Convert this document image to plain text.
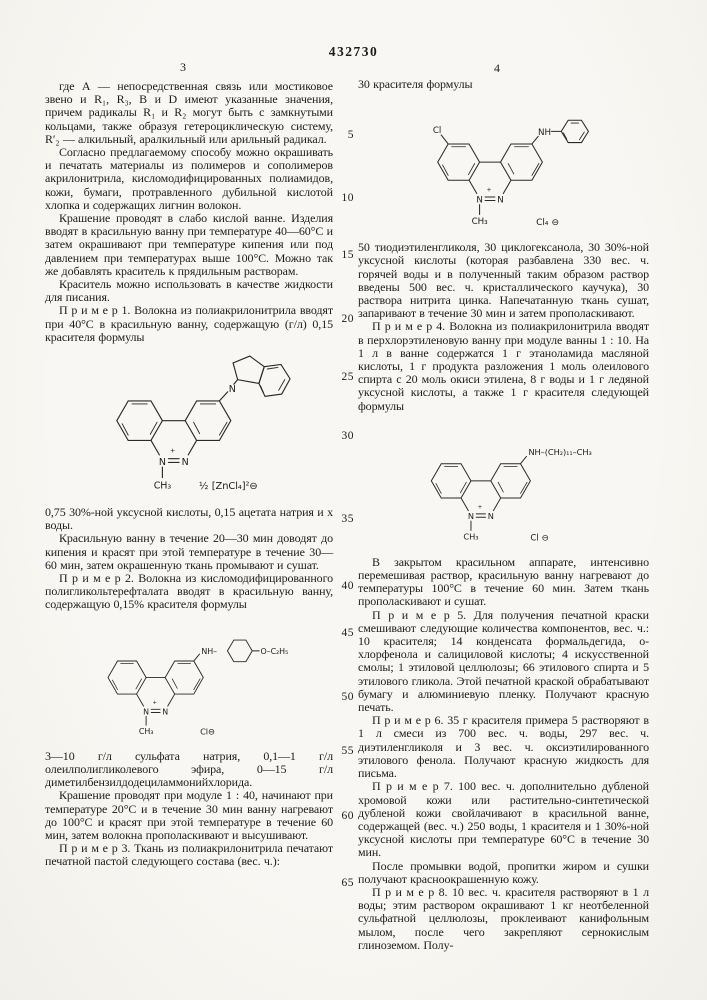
432730
3	4
5
10
15
20
25
30
35
40
45
50
55
60
65

где А — непосредственная связь или мостиковое звено и R₁, R₃, В и D имеют указанные значения, причем радикалы R₁ и R₂ могут быть с замкнутыми кольцами, также образуя гетероциклическую систему, R′₂ — алкильный, аралкильный или арильный радикал.

Согласно предлагаемому способу можно окрашивать и печатать материалы из полимеров и сополимеров акрилонитрила, кисломодифицированных полиамидов, кожи, бумаги, протравленного дубильной кислотой хлопка и содержащих лигнин волокон.

Крашение проводят в слабо кислой ванне. Изделия вводят в красильную ванну при температуре 40—60°С и затем окрашивают при температуре кипения или под давлением при температурах выше 100°С. Можно так же добавлять краситель к прядильным растворам.

Краситель можно использовать в качестве жидкости для писания.

П р и м е р 1. Волокна из полиакрилонитрила вводят при 40°С в красильную ванну, содержащую (г/л) 0,15 красителя формулы

N
+
N
CH₃
N
½ [ZnCl₄]²⊖

0,75 30%-ной уксусной кислоты, 0,15 ацетата натрия и х воды.

Красильную ванну в течение 20—30 мин доводят до кипения и красят при этой температуре в течение 30—60 мин, затем окрашенную ткань промывают и сушат.

П р и м е р 2. Волокна из кисломодифицированного полигликольтерефталата вводят в красильную ванну, содержащую 0,15% красителя формулы

N
+
N
CH₃
NH–	O–C₂H₅
Cl⊖

3—10 г/л сульфата натрия, 0,1—1 г/л олеилполигликолевого эфира, 0—15 г/л диметилбензилдодециламмонийхлорида.

Крашение проводят при модуле 1 : 40, начинают при температуре 20°С и в течение 30 мин ванну нагревают до 100°С и красят при этой температуре в течение 60 мин, затем волокна прополаскивают и высушивают.

П р и м е р 3. Ткань из полиакрилонитрила печатают печатной пастой следующего состава (вес. ч.):

30 красителя формулы

N
+
N
CH₃
Cl	NH
Cl₄ ⊖

50 тиодиэтиленгликоля, 30 циклогексанола, 30 30%-ной уксусной кислоты (которая разбавлена 330 вес. ч. горячей воды и в полученный таким образом раствор введены 500 вес. ч. кристаллического каучука), 30 раствора нитрита цинка. Напечатанную ткань сушат, запаривают в течение 30 мин и затем прополаскивают.

П р и м е р 4. Волокна из полиакрилонитрила вводят в перхлорэтиленовую ванну при модуле ванны 1 : 10. На 1 л в ванне содержатся 1 г этаноламида масляной кислоты, 1 г продукта разложения 1 моль олеилового спирта с 20 моль окиси этилена, 8 г воды и 1 г ледяной уксусной кислоты, а также 1 г красителя следующей формулы

N
+
N
CH₃
NH–(CH₂)₁₁–CH₃
Cl ⊖

В закрытом красильном аппарате, интенсивно перемешивая раствор, красильную ванну нагревают до температуры 100°С в течение 60 мин. Затем ткань прополаскивают и сушат.

П р и м е р 5. Для получения печатной краски смешивают следующие количества компонентов, вес. ч.: 10 красителя; 14 конденсата формальдегида, о-хлорфенола и салициловой кислоты; 4 искусственной смолы; 1 этиловой целлюлозы; 66 этилового спирта и 5 этилового гликола. Этой печатной краской обрабатывают бумагу и алюминиевую пленку. Получают красную печать.

П р и м е р 6. 35 г красителя примера 5 растворяют в 1 л смеси из 700 вес. ч. воды, 297 вес. ч. диэтиленгликоля и 3 вес. ч. оксиэтилированного этилового фенола. Получают красную жидкость для письма.

П р и м е р 7. 100 вес. ч. дополнительно дубленой хромовой кожи или растительно-синтетической дубленой кожи свойлачивают в красильной ванне, содержащей (вес. ч.) 250 воды, 1 красителя и 1 30%-ной уксусной кислоты при температуре 60°С в течение 30 мин.

После промывки водой, пропитки жиром и сушки получают красноокрашенную кожу.

П р и м е р 8. 10 вес. ч. красителя растворяют в 1 л воды; этим раствором окрашивают 1 кг неотбеленной сульфатной целлюлозы, проклеивают канифольным мылом, после чего закрепляют сернокислым глиноземом. Полу-
